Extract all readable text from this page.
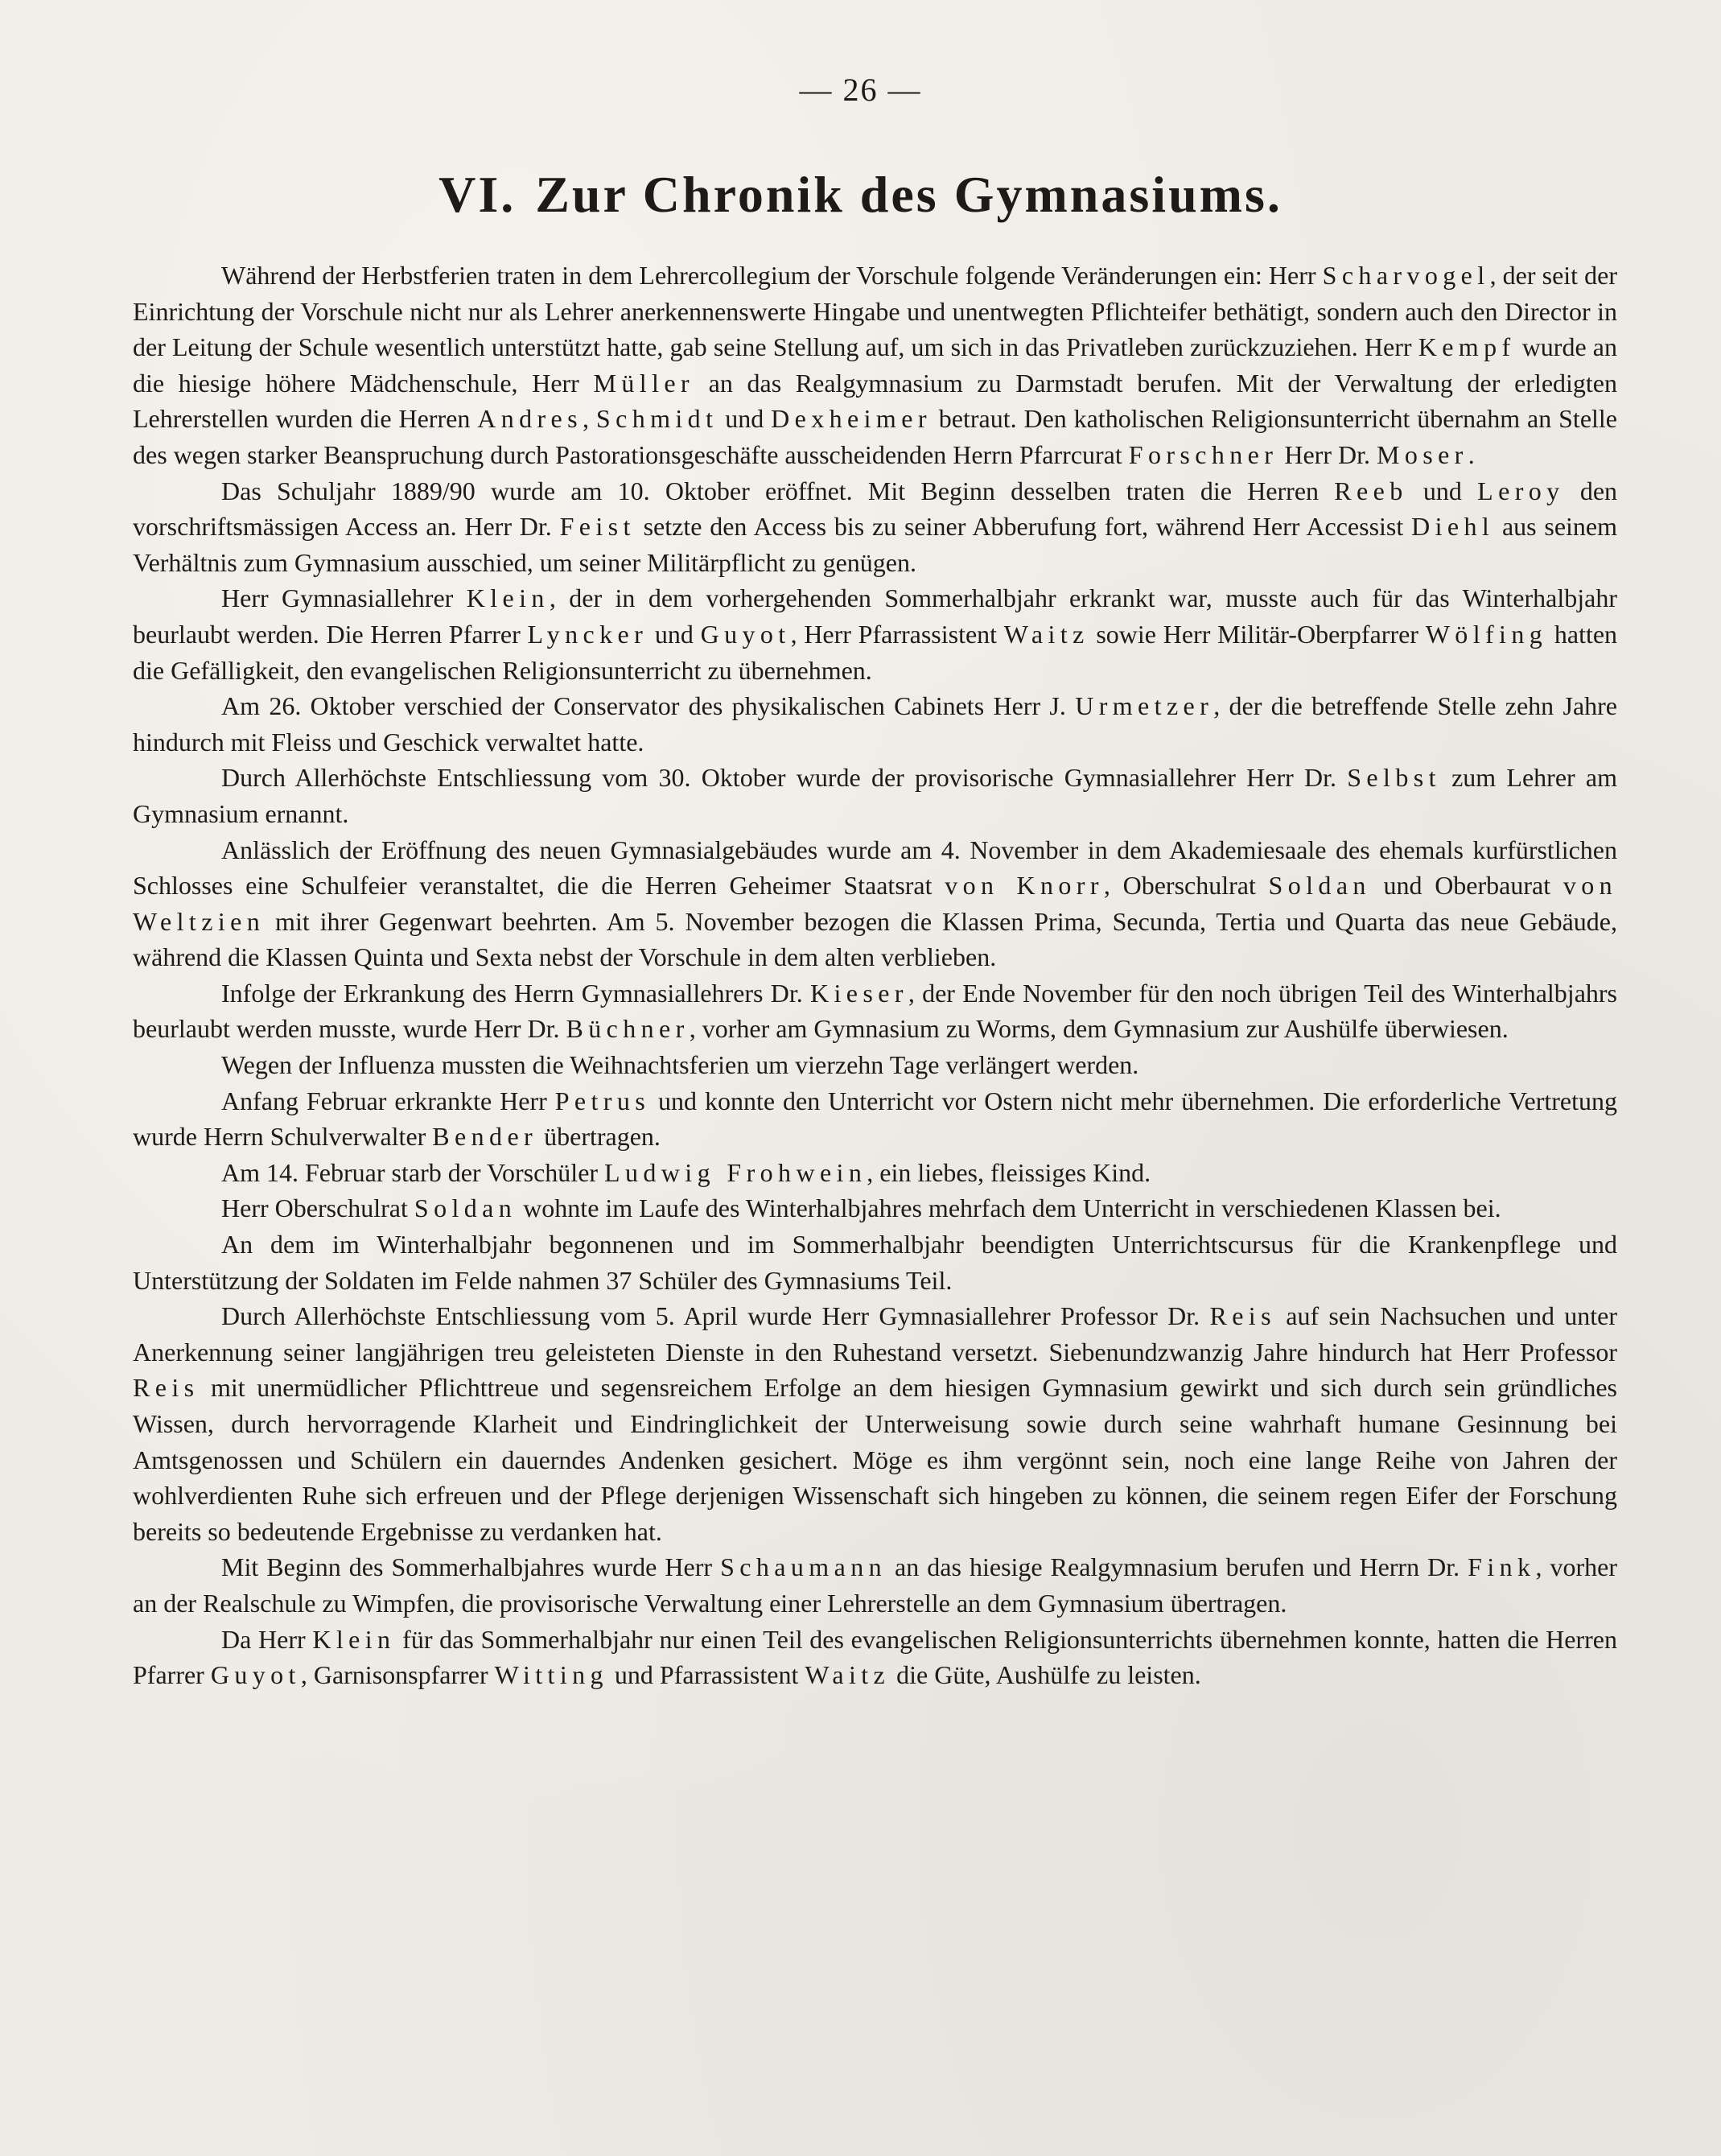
— 26 —
VI. Zur Chronik des Gymnasiums.

Während der Herbstferien traten in dem Lehrercollegium der Vorschule folgende Veränderungen ein: Herr Scharvogel, der seit der Einrichtung der Vorschule nicht nur als Lehrer anerkennenswerte Hingabe und unentwegten Pflichteifer bethätigt, sondern auch den Director in der Leitung der Schule wesentlich unterstützt hatte, gab seine Stellung auf, um sich in das Privatleben zurückzuziehen. Herr Kempf wurde an die hiesige höhere Mädchenschule, Herr Müller an das Realgymnasium zu Darmstadt berufen. Mit der Verwaltung der erledigten Lehrerstellen wurden die Herren Andres, Schmidt und Dexheimer betraut. Den katholischen Religionsunterricht übernahm an Stelle des wegen starker Beanspruchung durch Pastorationsgeschäfte ausscheidenden Herrn Pfarrcurat Forschner Herr Dr. Moser.

Das Schuljahr 1889/90 wurde am 10. Oktober eröffnet. Mit Beginn desselben traten die Herren Reeb und Leroy den vorschriftsmässigen Access an. Herr Dr. Feist setzte den Access bis zu seiner Abberufung fort, während Herr Accessist Diehl aus seinem Verhältnis zum Gymnasium ausschied, um seiner Militärpflicht zu genügen.

Herr Gymnasiallehrer Klein, der in dem vorhergehenden Sommerhalbjahr erkrankt war, musste auch für das Winterhalbjahr beurlaubt werden. Die Herren Pfarrer Lyncker und Guyot, Herr Pfarrassistent Waitz sowie Herr Militär-Oberpfarrer Wölfing hatten die Gefälligkeit, den evangelischen Religionsunterricht zu übernehmen.

Am 26. Oktober verschied der Conservator des physikalischen Cabinets Herr J. Urmetzer, der die betreffende Stelle zehn Jahre hindurch mit Fleiss und Geschick verwaltet hatte.

Durch Allerhöchste Entschliessung vom 30. Oktober wurde der provisorische Gymnasiallehrer Herr Dr. Selbst zum Lehrer am Gymnasium ernannt.

Anlässlich der Eröffnung des neuen Gymnasialgebäudes wurde am 4. November in dem Akademiesaale des ehemals kurfürstlichen Schlosses eine Schulfeier veranstaltet, die die Herren Geheimer Staatsrat von Knorr, Oberschulrat Soldan und Oberbaurat von Weltzien mit ihrer Gegenwart beehrten. Am 5. November bezogen die Klassen Prima, Secunda, Tertia und Quarta das neue Gebäude, während die Klassen Quinta und Sexta nebst der Vorschule in dem alten verblieben.

Infolge der Erkrankung des Herrn Gymnasiallehrers Dr. Kieser, der Ende November für den noch übrigen Teil des Winterhalbjahrs beurlaubt werden musste, wurde Herr Dr. Büchner, vorher am Gymnasium zu Worms, dem Gymnasium zur Aushülfe überwiesen.

Wegen der Influenza mussten die Weihnachtsferien um vierzehn Tage verlängert werden.

Anfang Februar erkrankte Herr Petrus und konnte den Unterricht vor Ostern nicht mehr übernehmen. Die erforderliche Vertretung wurde Herrn Schulverwalter Bender übertragen.

Am 14. Februar starb der Vorschüler Ludwig Frohwein, ein liebes, fleissiges Kind.

Herr Oberschulrat Soldan wohnte im Laufe des Winterhalbjahres mehrfach dem Unterricht in verschiedenen Klassen bei.

An dem im Winterhalbjahr begonnenen und im Sommerhalbjahr beendigten Unterrichtscursus für die Krankenpflege und Unterstützung der Soldaten im Felde nahmen 37 Schüler des Gymnasiums Teil.

Durch Allerhöchste Entschliessung vom 5. April wurde Herr Gymnasiallehrer Professor Dr. Reis auf sein Nachsuchen und unter Anerkennung seiner langjährigen treu geleisteten Dienste in den Ruhestand versetzt. Siebenundzwanzig Jahre hindurch hat Herr Professor Reis mit unermüdlicher Pflichttreue und segensreichem Erfolge an dem hiesigen Gymnasium gewirkt und sich durch sein gründliches Wissen, durch hervorragende Klarheit und Eindringlichkeit der Unterweisung sowie durch seine wahrhaft humane Gesinnung bei Amtsgenossen und Schülern ein dauerndes Andenken gesichert. Möge es ihm vergönnt sein, noch eine lange Reihe von Jahren der wohlverdienten Ruhe sich erfreuen und der Pflege derjenigen Wissenschaft sich hingeben zu können, die seinem regen Eifer der Forschung bereits so bedeutende Ergebnisse zu verdanken hat.

Mit Beginn des Sommerhalbjahres wurde Herr Schaumann an das hiesige Realgymnasium berufen und Herrn Dr. Fink, vorher an der Realschule zu Wimpfen, die provisorische Verwaltung einer Lehrerstelle an dem Gymnasium übertragen.

Da Herr Klein für das Sommerhalbjahr nur einen Teil des evangelischen Religionsunterrichts übernehmen konnte, hatten die Herren Pfarrer Guyot, Garnisonspfarrer Witting und Pfarrassistent Waitz die Güte, Aushülfe zu leisten.
